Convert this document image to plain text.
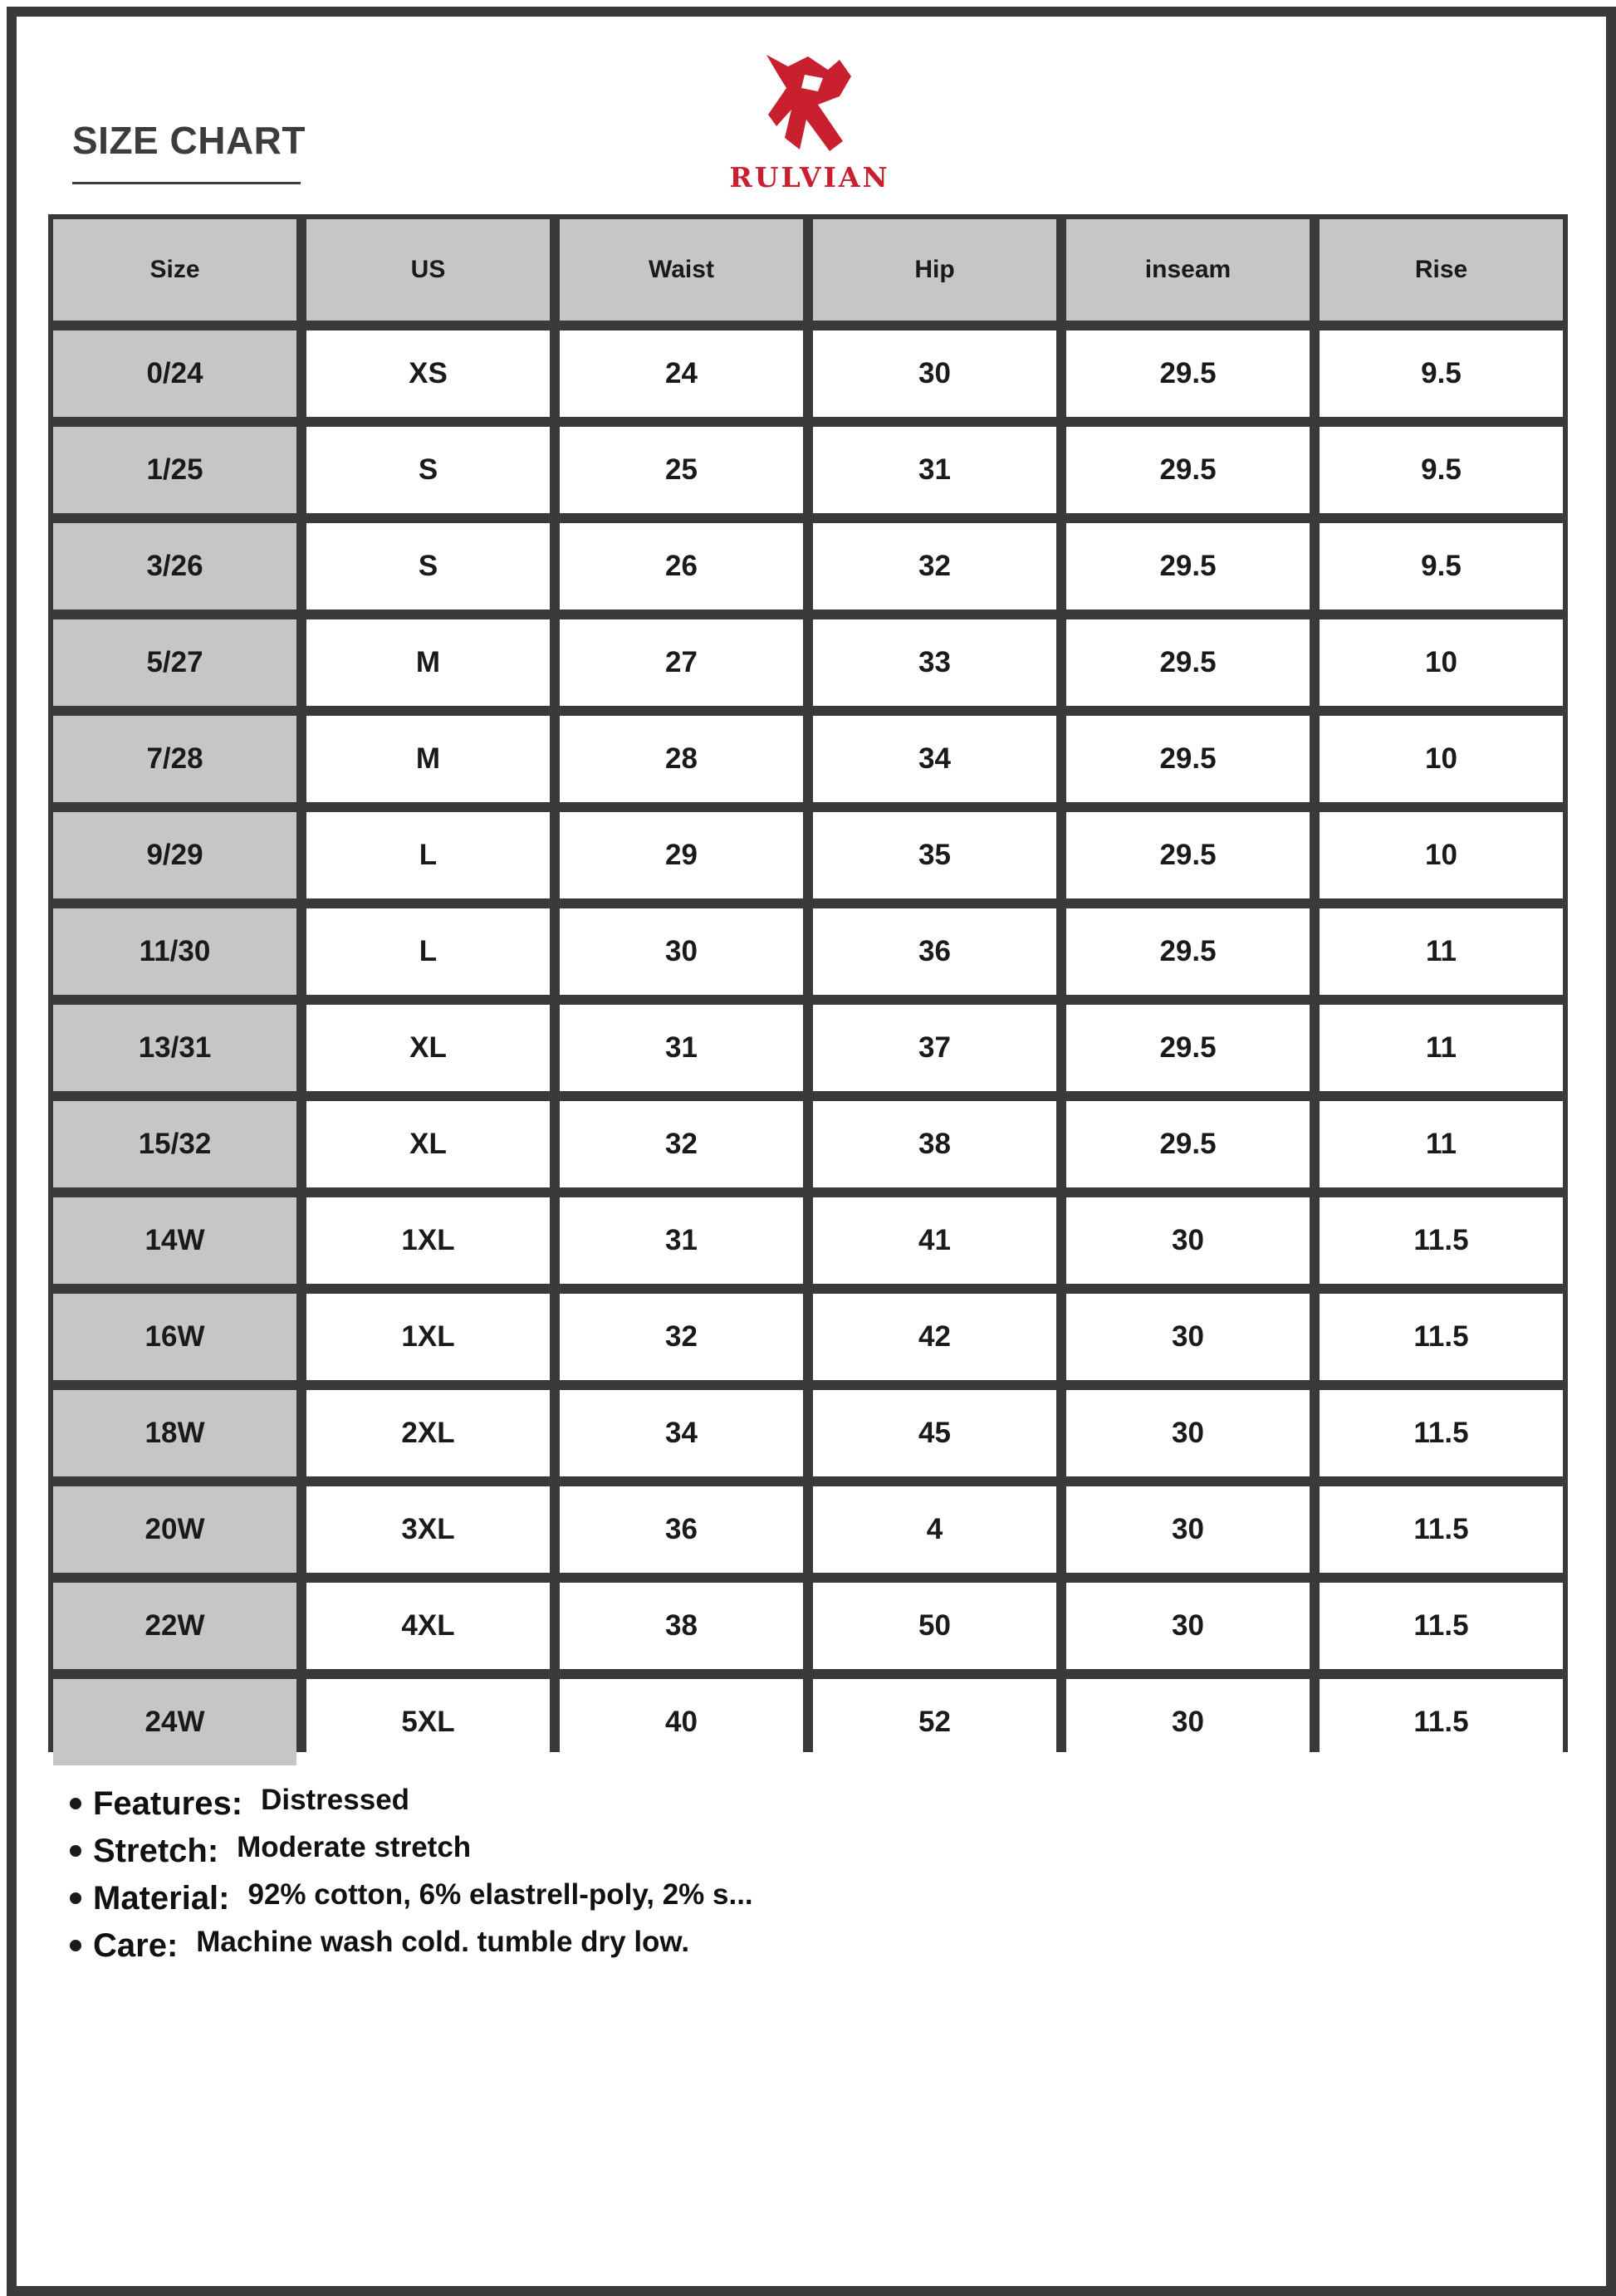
SIZE CHART
RULVIAN
Size	US	Waist	Hip	inseam	Rise
0/24	XS	24	30	29.5	9.5
1/25	S	25	31	29.5	9.5
3/26	S	26	32	29.5	9.5
5/27	M	27	33	29.5	10
7/28	M	28	34	29.5	10
9/29	L	29	35	29.5	10
11/30	L	30	36	29.5	11
13/31	XL	31	37	29.5	11
15/32	XL	32	38	29.5	11
14W	1XL	31	41	30	11.5
16W	1XL	32	42	30	11.5
18W	2XL	34	45	30	11.5
20W	3XL	36	4	30	11.5
22W	4XL	38	50	30	11.5
24W	5XL	40	52	30	11.5
Features: Distressed
Stretch: Moderate stretch
Material: 92% cotton, 6% elastrell-poly, 2% s...
Care: Machine wash cold. tumble dry low.
